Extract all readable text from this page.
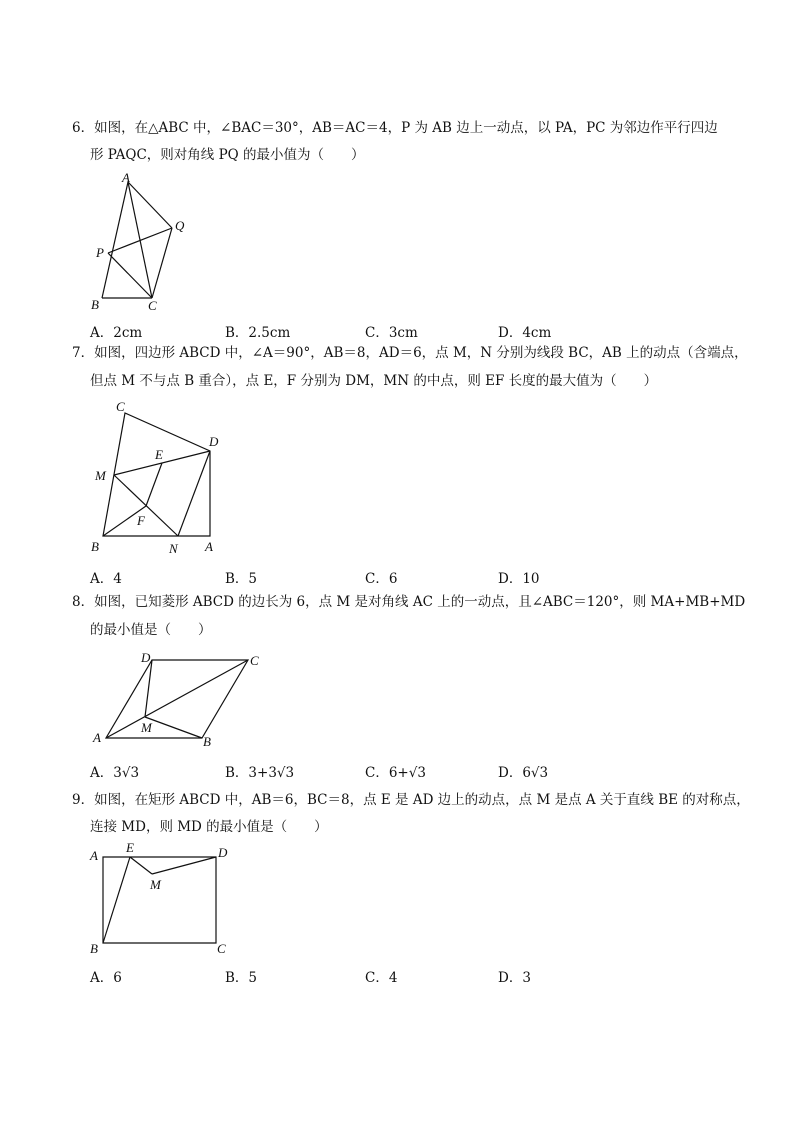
6．如图，在△ABC 中，∠BAC＝30°，AB＝AC＝4，P 为 AB 边上一动点，以 PA，PC 为邻边作平行四边
形 PAQC，则对角线 PQ 的最小值为（　　）
A
Q
P
B	C
A．2cm	B．2.5cm	C．3cm	D．4cm
7．如图，四边形 ABCD 中，∠A＝90°，AB＝8，AD＝6，点 M，N 分别为线段 BC，AB 上的动点（含端点，
但点 M 不与点 B 重合），点 E，F 分别为 DM，MN 的中点，则 EF 长度的最大值为（　　）
C
D
E
M
F
B	N A
A．4	B．5	C．6	D．10
8．如图，已知菱形 ABCD 的边长为 6，点 M 是对角线 AC 上的一动点，且∠ABC＝120°，则 MA+MB+MD
的最小值是（　　）
D	C
M
A	B
A．3√3	B．3+3√3	C．6+√3	D．6√3
9．如图，在矩形 ABCD 中，AB＝6，BC＝8，点 E 是 AD 边上的动点，点 M 是点 A 关于直线 BE 的对称点，
连接 MD，则 MD 的最小值是（　　）
A
E	D
M
B	C
A．6	B．5	C．4	D．3
